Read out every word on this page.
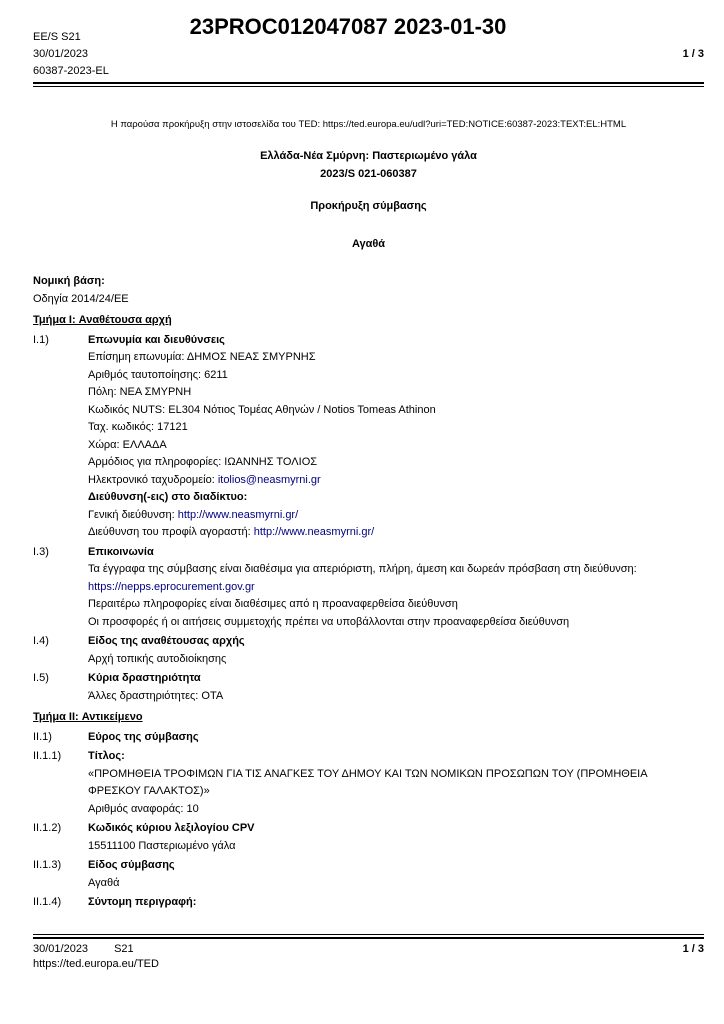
23PROC012047087 2023-01-30
EE/S S21
30/01/2023
60387-2023-EL
1 / 3
Η παρούσα προκήρυξη στην ιστοσελίδα του TED: https://ted.europa.eu/udl?uri=TED:NOTICE:60387-2023:TEXT:EL:HTML
Ελλάδα-Νέα Σμύρνη: Παστεριωμένο γάλα
2023/S 021-060387
Προκήρυξη σύμβασης
Αγαθά
Νομική βάση:
Οδηγία 2014/24/ΕΕ
Τμήμα I: Αναθέτουσα αρχή
I.1)	Επωνυμία και διευθύνσεις
Επίσημη επωνυμία: ΔΗΜΟΣ ΝΕΑΣ ΣΜΥΡΝΗΣ
Αριθμός ταυτοποίησης: 6211
Πόλη: ΝΕΑ ΣΜΥΡΝΗ
Κωδικός NUTS: EL304 Νότιος Τομέας Αθηνών / Notios Tomeas Athinon
Ταχ. κωδικός: 17121
Χώρα: ΕΛΛΑΔΑ
Αρμόδιος για πληροφορίες: ΙΩΑΝΝΗΣ ΤΟΛΙΟΣ
Ηλεκτρονικό ταχυδρομείο: itolios@neasmyrni.gr
Διεύθυνση(-εις) στο διαδίκτυο:
Γενική διεύθυνση: http://www.neasmyrni.gr/
Διεύθυνση του προφίλ αγοραστή: http://www.neasmyrni.gr/
I.3)	Επικοινωνία
Τα έγγραφα της σύμβασης είναι διαθέσιμα για απεριόριστη, πλήρη, άμεση και δωρεάν πρόσβαση στη διεύθυνση: https://nepps.eprocurement.gov.gr
Περαιτέρω πληροφορίες είναι διαθέσιμες από η προαναφερθείσα διεύθυνση
Οι προσφορές ή οι αιτήσεις συμμετοχής πρέπει να υποβάλλονται στην προαναφερθείσα διεύθυνση
I.4)	Είδος της αναθέτουσας αρχής
Αρχή τοπικής αυτοδιοίκησης
I.5)	Κύρια δραστηριότητα
Άλλες δραστηριότητες: ΟΤΑ
Τμήμα II: Αντικείμενο
II.1)	Εύρος της σύμβασης
II.1.1) Τίτλος:
«ΠΡΟΜΗΘΕΙΑ ΤΡΟΦΙΜΩΝ ΓΙΑ ΤΙΣ ΑΝΑΓΚΕΣ ΤΟΥ ΔΗΜΟΥ ΚΑΙ ΤΩΝ ΝΟΜΙΚΩΝ ΠΡΟΣΩΠΩΝ ΤΟΥ (ΠΡΟΜΗΘΕΙΑ ΦΡΕΣΚΟΥ ΓΑΛΑΚΤΟΣ)»
Αριθμός αναφοράς: 10
II.1.2) Κωδικός κύριου λεξιλογίου CPV
15511100 Παστεριωμένο γάλα
II.1.3) Είδος σύμβασης
Αγαθά
II.1.4) Σύντομη περιγραφή:
30/01/2023 S21	1 / 3
https://ted.europa.eu/TED
